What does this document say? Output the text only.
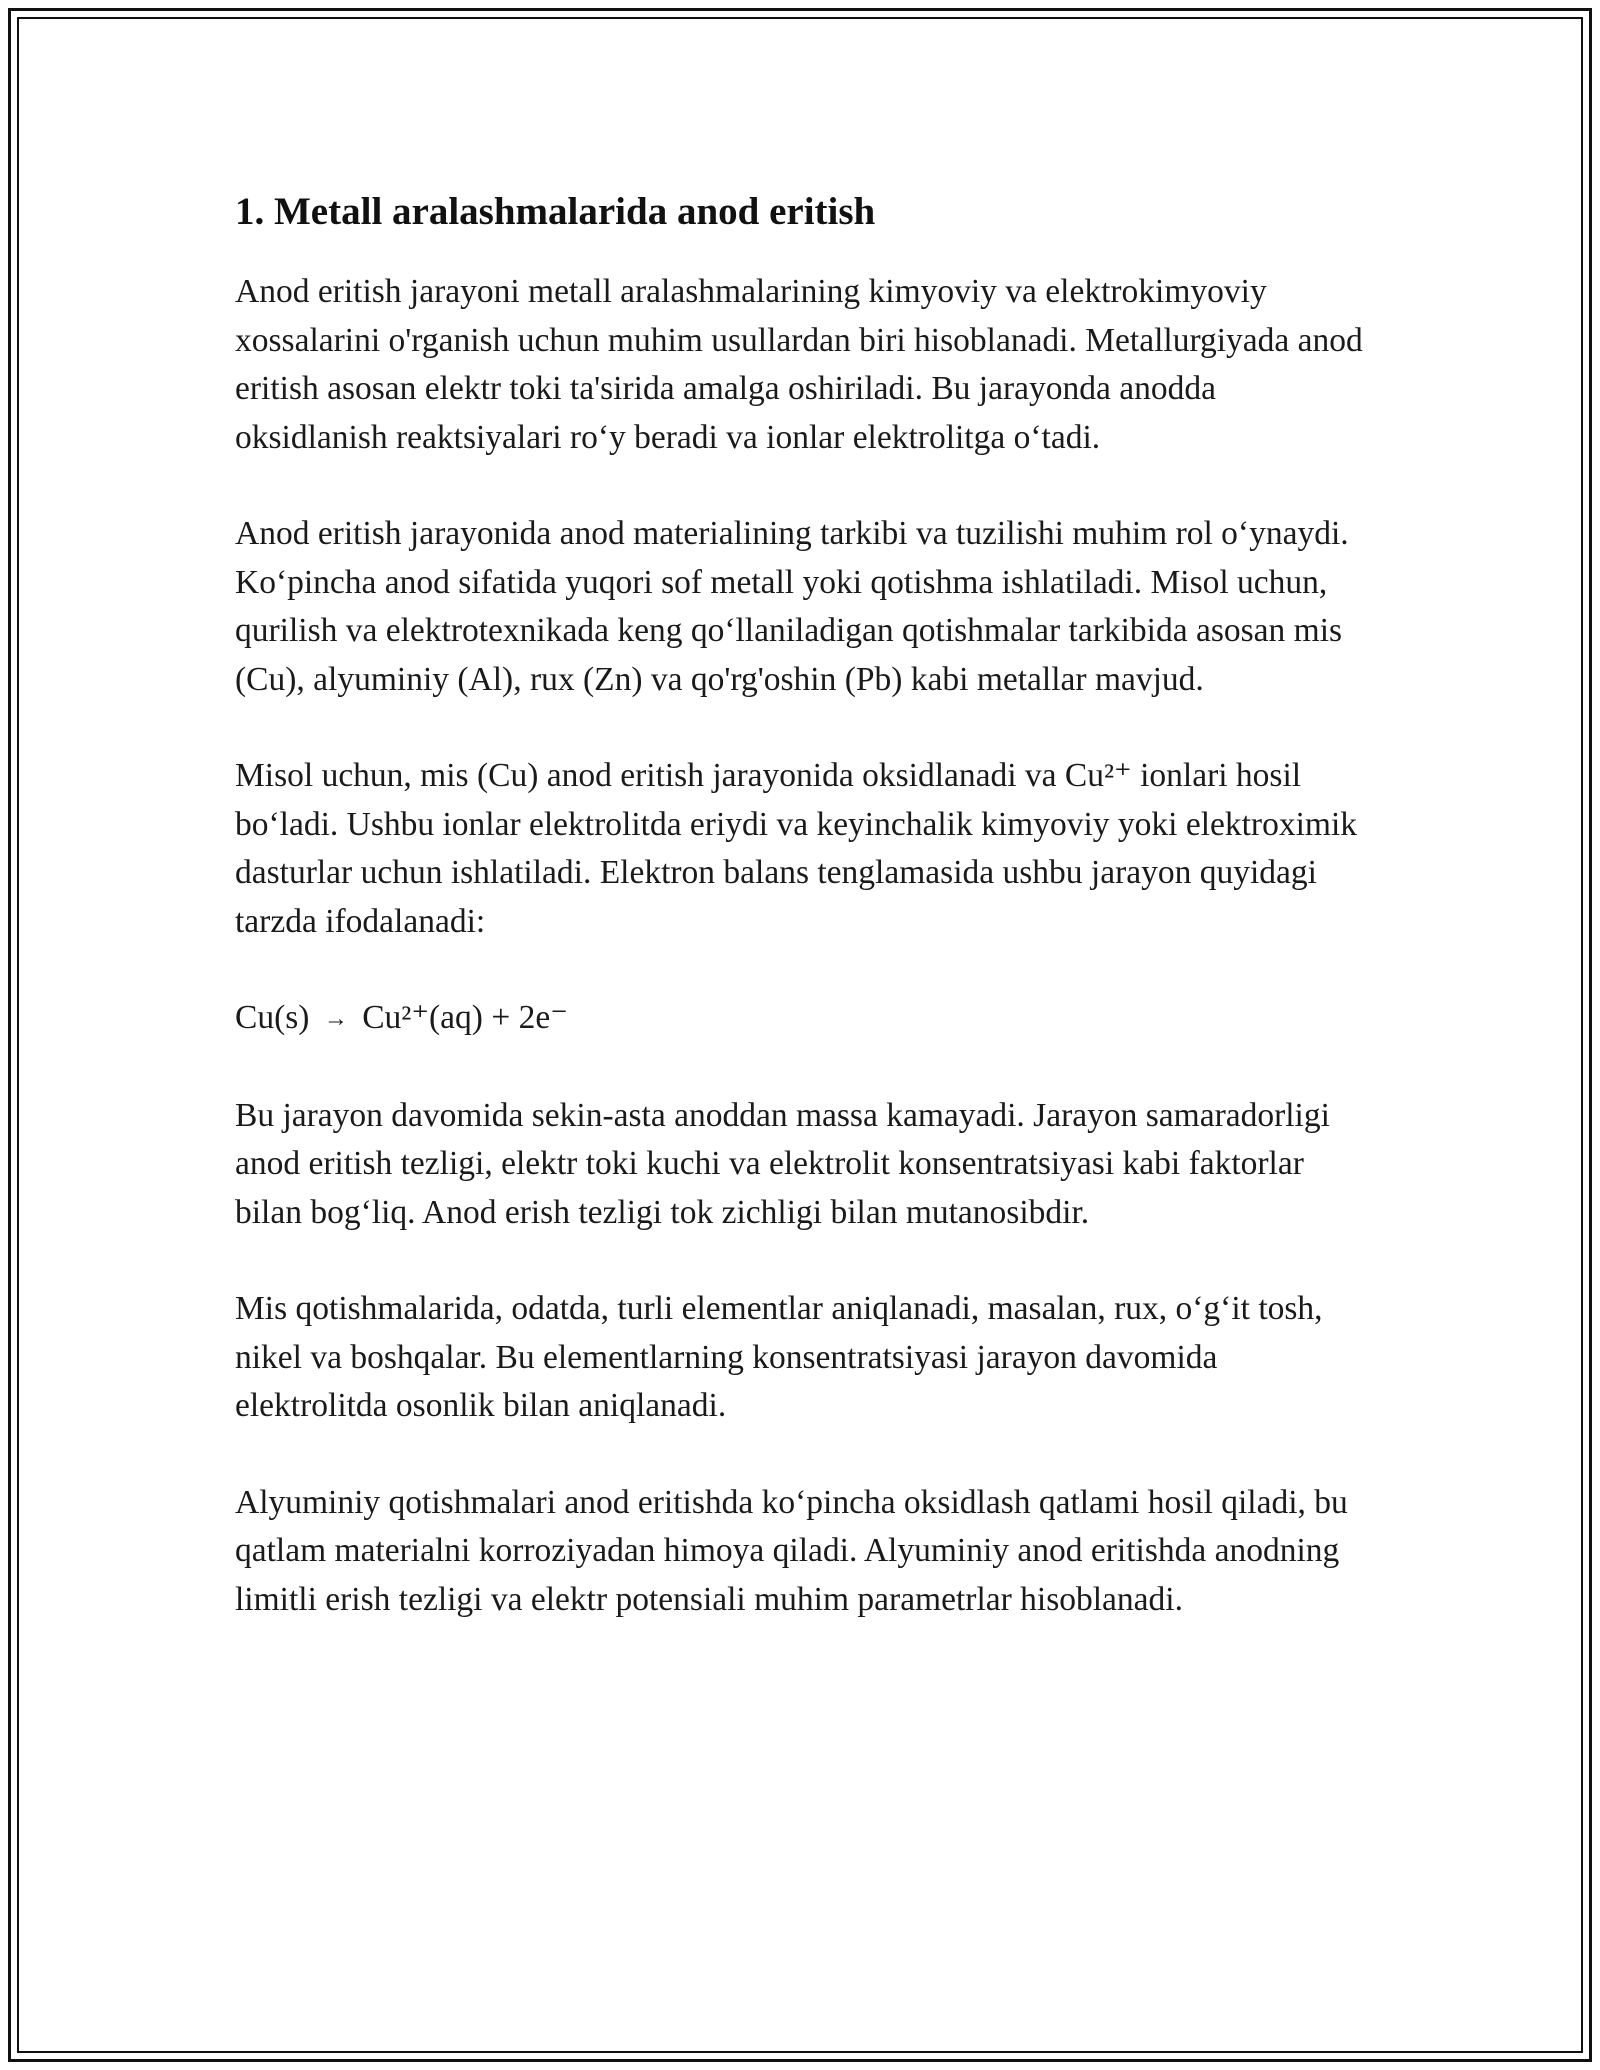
1. Metall aralashmalarida anod eritish

Anod eritish jarayoni metall aralashmalarining kimyoviy va elektrokimyoviy xossalarini o'rganish uchun muhim usullardan biri hisoblanadi. Metallurgiyada anod eritish asosan elektr toki ta'sirida amalga oshiriladi. Bu jarayonda anodda oksidlanish reaktsiyalari ro‘y beradi va ionlar elektrolitga o‘tadi.

Anod eritish jarayonida anod materialining tarkibi va tuzilishi muhim rol o‘ynaydi. Ko‘pincha anod sifatida yuqori sof metall yoki qotishma ishlatiladi. Misol uchun, qurilish va elektrotexnikada keng qo‘llaniladigan qotishmalar tarkibida asosan mis (Cu), alyuminiy (Al), rux (Zn) va qo'rg'oshin (Pb) kabi metallar mavjud.

Misol uchun, mis (Cu) anod eritish jarayonida oksidlanadi va Cu²⁺ ionlari hosil bo‘ladi. Ushbu ionlar elektrolitda eriydi va keyinchalik kimyoviy yoki elektroximik dasturlar uchun ishlatiladi. Elektron balans tenglamasida ushbu jarayon quyidagi tarzda ifodalanadi:

Cu(s) → Cu²⁺(aq) + 2e⁻

Bu jarayon davomida sekin-asta anoddan massa kamayadi. Jarayon samaradorligi anod eritish tezligi, elektr toki kuchi va elektrolit konsentratsiyasi kabi faktorlar bilan bog‘liq. Anod erish tezligi tok zichligi bilan mutanosibdir.

Mis qotishmalarida, odatda, turli elementlar aniqlanadi, masalan, rux, o‘g‘it tosh, nikel va boshqalar. Bu elementlarning konsentratsiyasi jarayon davomida elektrolitda osonlik bilan aniqlanadi.

Alyuminiy qotishmalari anod eritishda ko‘pincha oksidlash qatlami hosil qiladi, bu qatlam materialni korroziyadan himoya qiladi. Alyuminiy anod eritishda anodning limitli erish tezligi va elektr potensiali muhim parametrlar hisoblanadi.
